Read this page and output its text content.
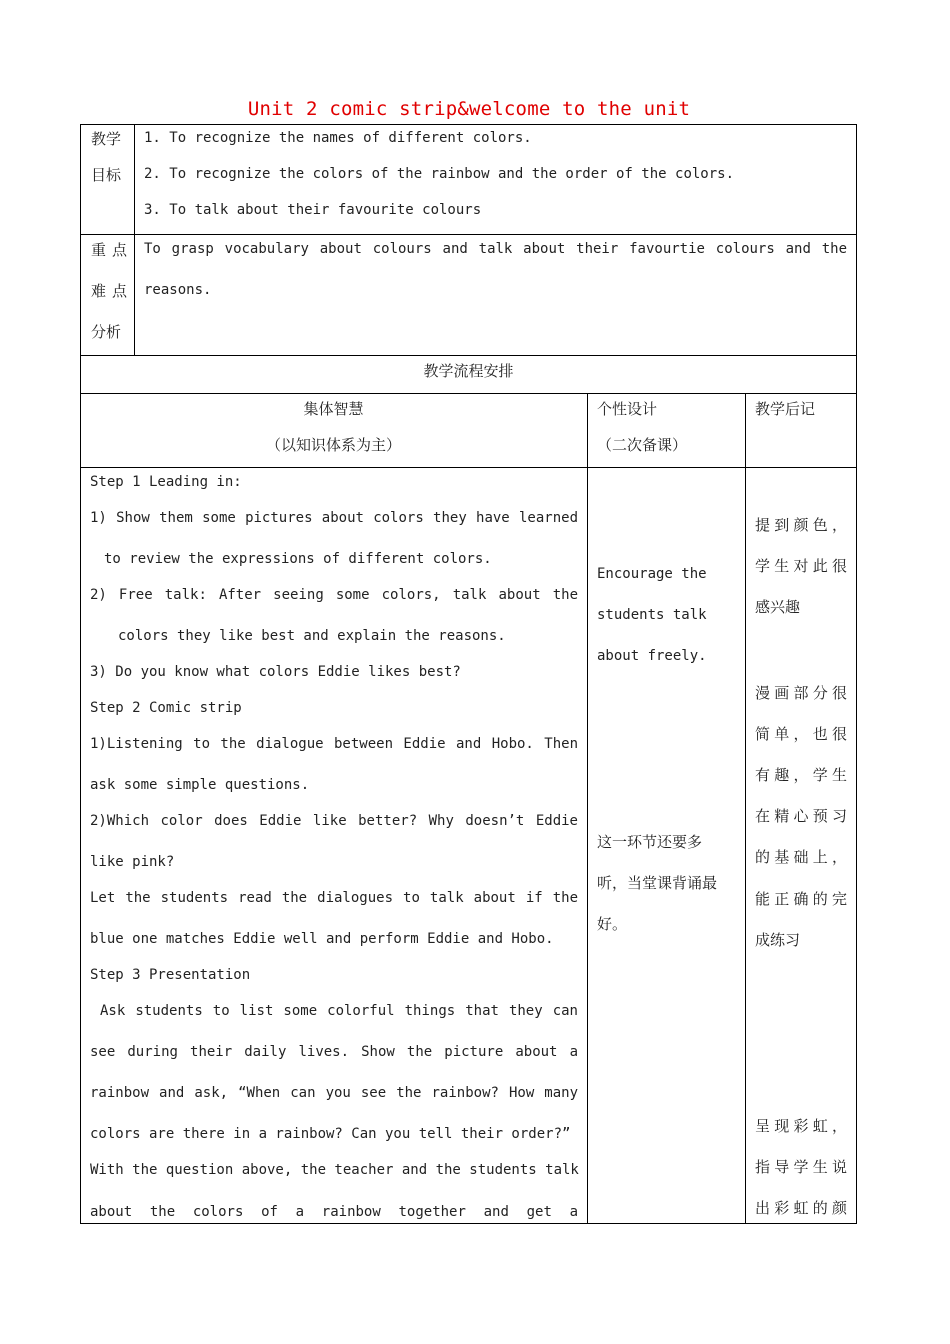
Unit 2 comic strip&welcome to the unit
教学
目标
1. To recognize the names of different colors.
2. To recognize the colors of the rainbow and the order of the colors.
3. To talk about their favourite colours
重点
难点
分析
To grasp vocabulary about colours and talk about their favourtie colours and the
reasons.
教学流程安排
集体智慧
（以知识体系为主）
个性设计
（二次备课）
教学后记
Step 1 Leading in:
1) Show them some pictures about colors they have learned
to review the expressions of different colors.
2) Free talk: After seeing some colors, talk about the
colors they like best and explain the reasons.
3) Do you know what colors Eddie likes best?
Step 2 Comic strip
1)Listening to the dialogue between Eddie and Hobo. Then
ask some simple questions.
2)Which color does Eddie like better? Why doesn’t Eddie
like pink?
Let the students read the dialogues to talk about if the
blue one matches Eddie well and perform Eddie and Hobo.
Step 3 Presentation
Ask students to list some colorful things that they can
see during their daily lives. Show the picture about a
rainbow and ask, “When can you see the rainbow? How many
colors are there in a rainbow? Can you tell their order?”
With the question above, the teacher and the students talk
about the colors of a rainbow together and get a
Encourage the
students talk
about freely.
这一环节还要多
听，当堂课背诵最
好。
提到颜色，
学生对此很
感兴趣
漫画部分很
简单，也很
有趣，学生
在精心预习
的基础上，
能正确的完
成练习
呈现彩虹，
指导学生说
出彩虹的颜
